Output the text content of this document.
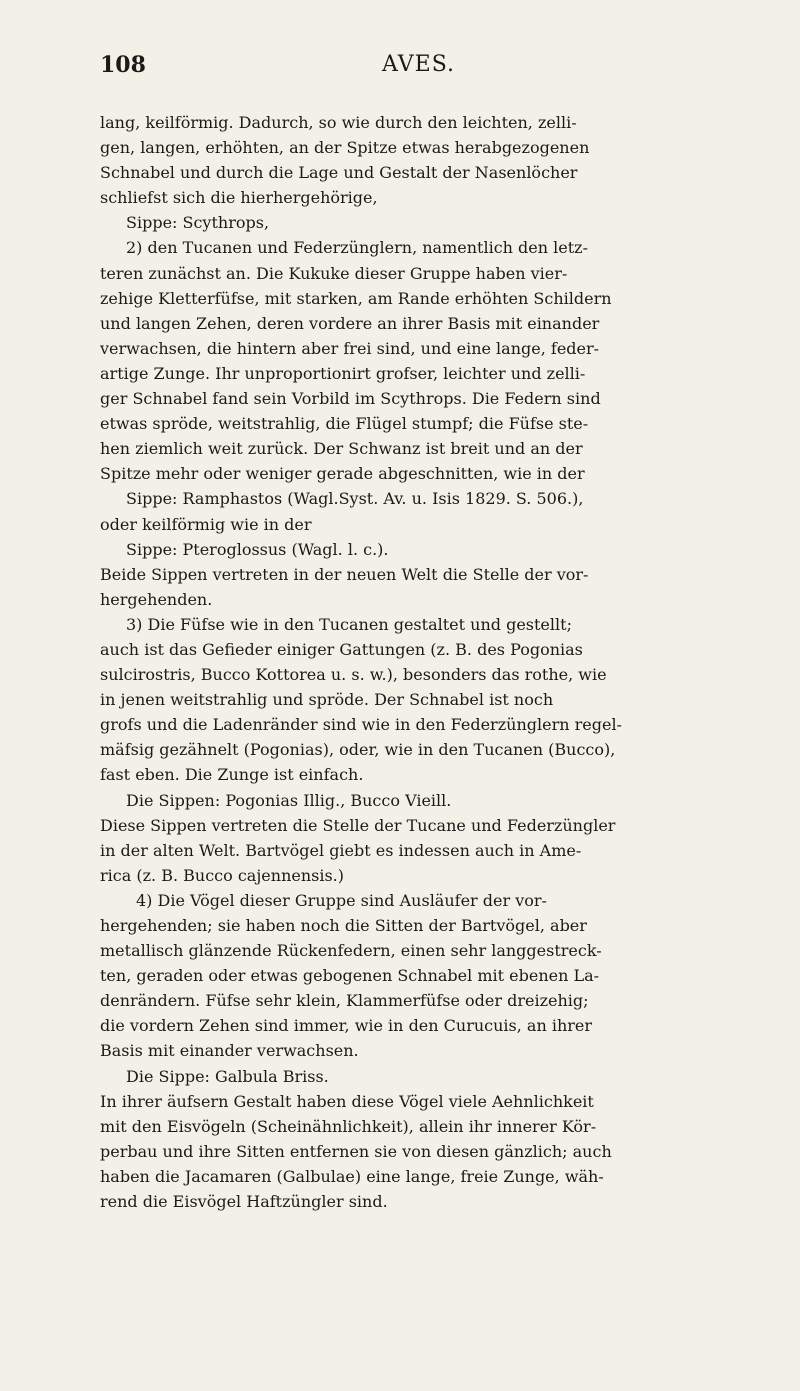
108	AVES.
lang, keilförmig. Dadurch, so wie durch den leichten, zelli-
gen, langen, erhöhten, an der Spitze etwas herabgezogenen
Schnabel und durch die Lage und Gestalt der Nasenlöcher
schliefst sich die hierhergehörige,
Sippe: Scythrops,
2) den Tucanen und Federzünglern, namentlich den letz-
teren zunächst an. Die Kukuke dieser Gruppe haben vier-
zehige Kletterfüfse, mit starken, am Rande erhöhten Schildern
und langen Zehen, deren vordere an ihrer Basis mit einander
verwachsen, die hintern aber frei sind, und eine lange, feder-
artige Zunge. Ihr unproportionirt grofser, leichter und zelli-
ger Schnabel fand sein Vorbild im Scythrops. Die Federn sind
etwas spröde, weitstrahlig, die Flügel stumpf; die Füfse ste-
hen ziemlich weit zurück. Der Schwanz ist breit und an der
Spitze mehr oder weniger gerade abgeschnitten, wie in der
Sippe: Ramphastos (Wagl.Syst. Av. u. Isis 1829. S. 506.),
oder keilförmig wie in der
Sippe: Pteroglossus (Wagl. l. c.).
Beide Sippen vertreten in der neuen Welt die Stelle der vor-
hergehenden.
3) Die Füfse wie in den Tucanen gestaltet und gestellt;
auch ist das Gefieder einiger Gattungen (z. B. des Pogonias
sulcirostris, Bucco Kottorea u. s. w.), besonders das rothe, wie
in jenen weitstrahlig und spröde. Der Schnabel ist noch
grofs und die Ladenränder sind wie in den Federzünglern regel-
mäfsig gezähnelt (Pogonias), oder, wie in den Tucanen (Bucco),
fast eben. Die Zunge ist einfach.
Die Sippen: Pogonias Illig., Bucco Vieill.
Diese Sippen vertreten die Stelle der Tucane und Federzüngler
in der alten Welt. Bartvögel giebt es indessen auch in Ame-
rica (z. B. Bucco cajennensis.)
4) Die Vögel dieser Gruppe sind Ausläufer der vor-
hergehenden; sie haben noch die Sitten der Bartvögel, aber
metallisch glänzende Rückenfedern, einen sehr langgestreck-
ten, geraden oder etwas gebogenen Schnabel mit ebenen La-
denrändern. Füfse sehr klein, Klammerfüfse oder dreizehig;
die vordern Zehen sind immer, wie in den Curucuis, an ihrer
Basis mit einander verwachsen.
Die Sippe: Galbula Briss.
In ihrer äufsern Gestalt haben diese Vögel viele Aehnlichkeit
mit den Eisvögeln (Scheinähnlichkeit), allein ihr innerer Kör-
perbau und ihre Sitten entfernen sie von diesen gänzlich; auch
haben die Jacamaren (Galbulae) eine lange, freie Zunge, wäh-
rend die Eisvögel Haftzüngler sind.
